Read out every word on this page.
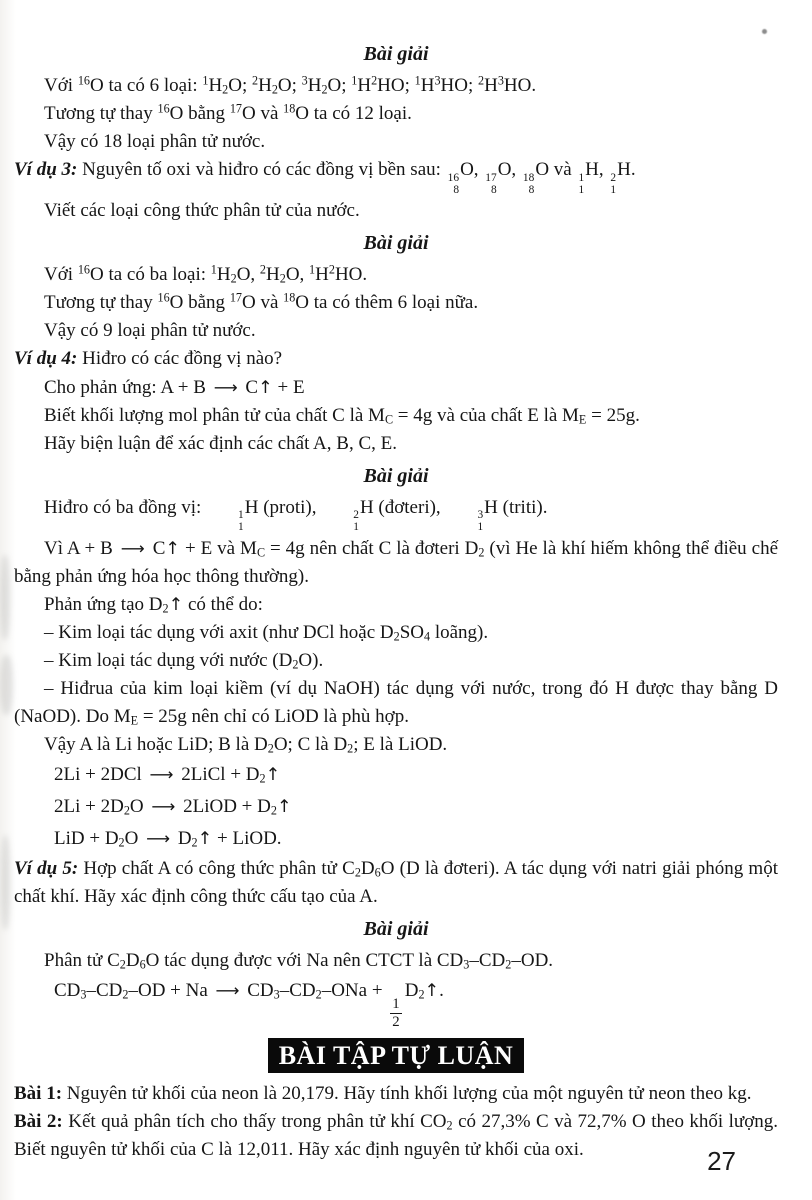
Bài giải
Với $^{16}$O ta có 6 loại: $^1$H2O; $^2$H2O; $^3$H2O; $^1H^2HO$; $^1H^3HO$; $^2H^3HO$.
Tương tự thay $^{16}$O bằng $^{17}$O và $^{18}$O ta có 12 loại.
Vậy có 18 loại phân tử nước.
Ví dụ 3: Nguyên tố oxi và hiđro có các đồng vị bền sau: 16
8
O, 17
8
O, 18
8
O và 1
1
H, 2
1
H.
Viết các loại công thức phân tử của nước.
Bài giải
Với $^{16}$O ta có ba loại: $^1$H2O, $^2$H2O, $^1H^2HO$.
Tương tự thay $^{16}$O bằng $^{17}$O và $^{18}$O ta có thêm 6 loại nữa.
Vậy có 9 loại phân tử nước.
Ví dụ 4: Hiđro có các đồng vị nào?
Cho phản ứng: A + B ⟶ C↑ + E
Biết khối lượng mol phân tử của chất C là MC = 4g và của chất E là ME = 25g.
Hãy biện luận để xác định các chất A, B, C, E.
Bài giải
Hiđro có ba đồng vị:	1
1
H (proti),	2
1
H (đơteri),	3
1
H (triti).
Vì A + B ⟶ C↑ + E và MC = 4g nên chất C là đơteri D2 (vì He là khí hiếm không thể điều chế bằng phản ứng hóa học thông thường).
Phản ứng tạo D2↑ có thể do:
– Kim loại tác dụng với axit (như DCl hoặc D2SO4 loãng).
– Kim loại tác dụng với nước (D2O).
– Hiđrua của kim loại kiềm (ví dụ NaOH) tác dụng với nước, trong đó H được thay bằng D (NaOD). Do ME = 25g nên chỉ có LiOD là phù hợp.
Vậy A là Li hoặc LiD; B là D2O; C là D2; E là LiOD.
2Li + 2DCl ⟶ 2LiCl + D2↑
2Li + 2D2O ⟶ 2LiOD + D2↑
LiD + D2O ⟶ D2↑ + LiOD.
Ví dụ 5: Hợp chất A có công thức phân tử C2D6O (D là đơteri). A tác dụng với natri giải phóng một chất khí. Hãy xác định công thức cấu tạo của A.
Bài giải
Phân tử C2D6O tác dụng được với Na nên CTCT là CD3–CD2–OD.
CD3–CD2–OD + Na ⟶ CD3–CD2–ONa +
$\frac{1}{2}$
D2↑.
BÀI TẬP TỰ LUẬN
Bài 1: Nguyên tử khối của neon là 20,179. Hãy tính khối lượng của một nguyên tử neon theo kg.
Bài 2: Kết quả phân tích cho thấy trong phân tử khí CO2 có 27,3% C và 72,7% O theo khối lượng. Biết nguyên tử khối của C là 12,011. Hãy xác định nguyên tử khối của oxi.	27
